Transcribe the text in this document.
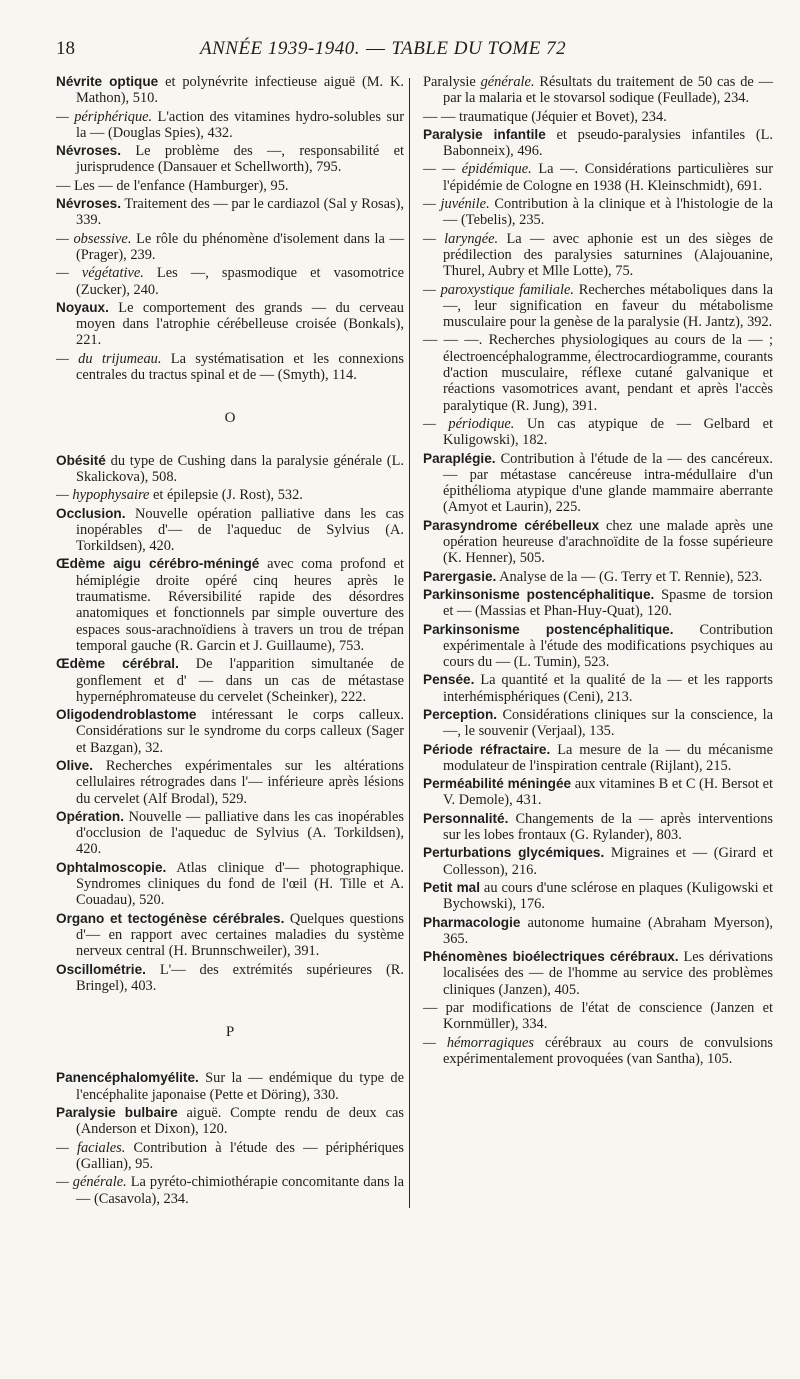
18	ANNÉE 1939-1940. — TABLE DU TOME 72
Névrite optique et polynévrite infectieuse aiguë (M. K. Mathon), 510.
— périphérique. L'action des vitamines hydro-solubles sur la — (Douglas Spies), 432.
Névroses. Le problème des —, responsabilité et jurisprudence (Dansauer et Schellworth), 795.
— Les — de l'enfance (Hamburger), 95.
Névroses. Traitement des — par le cardiazol (Sal y Rosas), 339.
— obsessive. Le rôle du phénomène d'isolement dans la — (Prager), 239.
— végétative. Les —, spasmodique et vasomotrice (Zucker), 240.
Noyaux. Le comportement des grands — du cerveau moyen dans l'atrophie cérébelleuse croisée (Bonkals), 221.
— du trijumeau. La systématisation et les connexions centrales du tractus spinal et de — (Smyth), 114.
O
Obésité du type de Cushing dans la paralysie générale (L. Skalickova), 508.
— hypophysaire et épilepsie (J. Rost), 532.
Occlusion. Nouvelle opération palliative dans les cas inopérables d'— de l'aqueduc de Sylvius (A. Torkildsen), 420.
Œdème aigu cérébro-méningé avec coma profond et hémiplégie droite opéré cinq heures après le traumatisme. Réversibilité rapide des désordres anatomiques et fonctionnels par simple ouverture des espaces sous-arachnoïdiens à travers un trou de trépan temporal gauche (R. Garcin et J. Guillaume), 753.
Œdème cérébral. De l'apparition simultanée de gonflement et d' — dans un cas de métastase hypernéphromateuse du cervelet (Scheinker), 222.
Oligodendroblastome intéressant le corps calleux. Considérations sur le syndrome du corps calleux (Sager et Bazgan), 32.
Olive. Recherches expérimentales sur les altérations cellulaires rétrogrades dans l'— inférieure après lésions du cervelet (Alf Brodal), 529.
Opération. Nouvelle — palliative dans les cas inopérables d'occlusion de l'aqueduc de Sylvius (A. Torkildsen), 420.
Ophtalmoscopie. Atlas clinique d'— photographique. Syndromes cliniques du fond de l'œil (H. Tille et A. Couadau), 520.
Organo et tectogénèse cérébrales. Quelques questions d'— en rapport avec certaines maladies du système nerveux central (H. Brunnschweiler), 391.
Oscillométrie. L'— des extrémités supérieures (R. Bringel), 403.
P
Panencéphalomyélite. Sur la — endémique du type de l'encéphalite japonaise (Pette et Döring), 330.
Paralysie bulbaire aiguë. Compte rendu de deux cas (Anderson et Dixon), 120.
— faciales. Contribution à l'étude des — périphériques (Gallian), 95.
— générale. La pyréto-chimiothérapie concomitante dans la — (Casavola), 234.
Paralysie générale. Résultats du traitement de 50 cas de — par la malaria et le stovarsol sodique (Feullade), 234.
— — traumatique (Jéquier et Bovet), 234.
Paralysie infantile et pseudo-paralysies infantiles (L. Babonneix), 496.
— — épidémique. La —. Considérations particulières sur l'épidémie de Cologne en 1938 (H. Kleinschmidt), 691.
— juvénile. Contribution à la clinique et à l'histologie de la — (Tebelis), 235.
— laryngée. La — avec aphonie est un des sièges de prédilection des paralysies saturnines (Alajouanine, Thurel, Aubry et Mlle Lotte), 75.
— paroxystique familiale. Recherches métaboliques dans la —, leur signification en faveur du métabolisme musculaire pour la genèse de la paralysie (H. Jantz), 392.
— — —. Recherches physiologiques au cours de la — ; électroencéphalogramme, électrocardiogramme, courants d'action musculaire, réflexe cutané galvanique et réactions vasomotrices avant, pendant et après l'accès paralytique (R. Jung), 391.
— périodique. Un cas atypique de — Gelbard et Kuligowski), 182.
Paraplégie. Contribution à l'étude de la — des cancéreux. — par métastase cancéreuse intra-médullaire d'un épithélioma atypique d'une glande mammaire aberrante (Amyot et Laurin), 225.
Parasyndrome cérébelleux chez une malade après une opération heureuse d'arachnoïdite de la fosse supérieure (K. Henner), 505.
Parergasie. Analyse de la — (G. Terry et T. Rennie), 523.
Parkinsonisme postencéphalitique. Spasme de torsion et — (Massias et Phan-Huy-Quat), 120.
Parkinsonisme postencéphalitique. Contribution expérimentale à l'étude des modifications psychiques au cours du — (L. Tumin), 523.
Pensée. La quantité et la qualité de la — et les rapports interhémisphériques (Ceni), 213.
Perception. Considérations cliniques sur la conscience, la —, le souvenir (Verjaal), 135.
Période réfractaire. La mesure de la — du mécanisme modulateur de l'inspiration centrale (Rijlant), 215.
Perméabilité méningée aux vitamines B et C (H. Bersot et V. Demole), 431.
Personnalité. Changements de la — après interventions sur les lobes frontaux (G. Rylander), 803.
Perturbations glycémiques. Migraines et — (Girard et Collesson), 216.
Petit mal au cours d'une sclérose en plaques (Kuligowski et Bychowski), 176.
Pharmacologie autonome humaine (Abraham Myerson), 365.
Phénomènes bioélectriques cérébraux. Les dérivations localisées des — de l'homme au service des problèmes cliniques (Janzen), 405.
— par modifications de l'état de conscience (Janzen et Kornmüller), 334.
— hémorragiques cérébraux au cours de convulsions expérimentalement provoquées (van Santha), 105.
